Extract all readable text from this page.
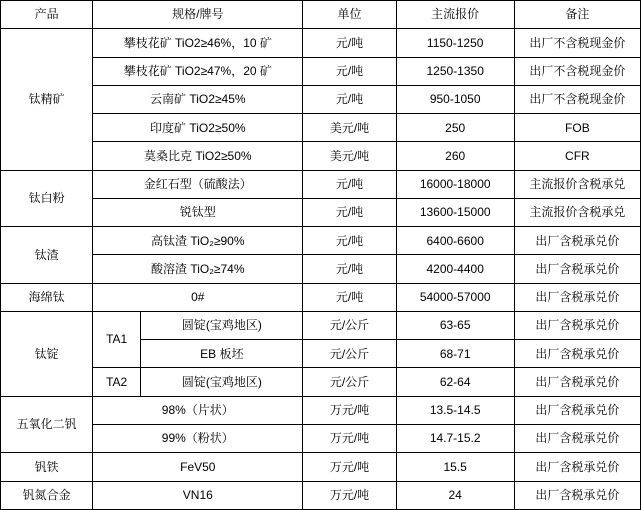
产品	规格/牌号		单位	主流报价	备注
钛精矿	攀枝花矿 TiO2≥46%，10 矿		元/吨	1150-1250	出厂不含税现金价
	攀枝花矿 TiO2≥47%，20 矿		元/吨	1250-1350	出厂不含税现金价
	云南矿 TiO2≥45%		元/吨	950-1050	出厂不含税现金价
	印度矿 TiO2≥50%		美元/吨	250	FOB
	莫桑比克 TiO2≥50%		美元/吨	260	CFR
钛白粉	金红石型（硫酸法）		元/吨	16000-18000	主流报价含税承兑
	锐钛型		元/吨	13600-15000	主流报价含税承兑
钛渣	高钛渣 TiO₂≥90%		元/吨	6400-6600	出厂含税承兑价
	酸溶渣 TiO₂≥74%		元/吨	4200-4400	出厂含税承兑价
海绵钛	0#		元/吨	54000-57000	出厂含税承兑价
钛锭	TA1	圆锭(宝鸡地区)	元/公斤	63-65	出厂含税承兑价
		EB 板坯	元/公斤	68-71	出厂含税承兑价
	TA2	圆锭(宝鸡地区)	元/公斤	62-64	出厂含税承兑价
五氧化二钒	98%（片状）		万元/吨	13.5-14.5	出厂含税承兑价
	99%（粉状）		万元/吨	14.7-15.2	出厂含税承兑价
钒铁	FeV50		万元/吨	15.5	出厂含税承兑价
钒氮合金	VN16		万元/吨	24	出厂含税承兑价
